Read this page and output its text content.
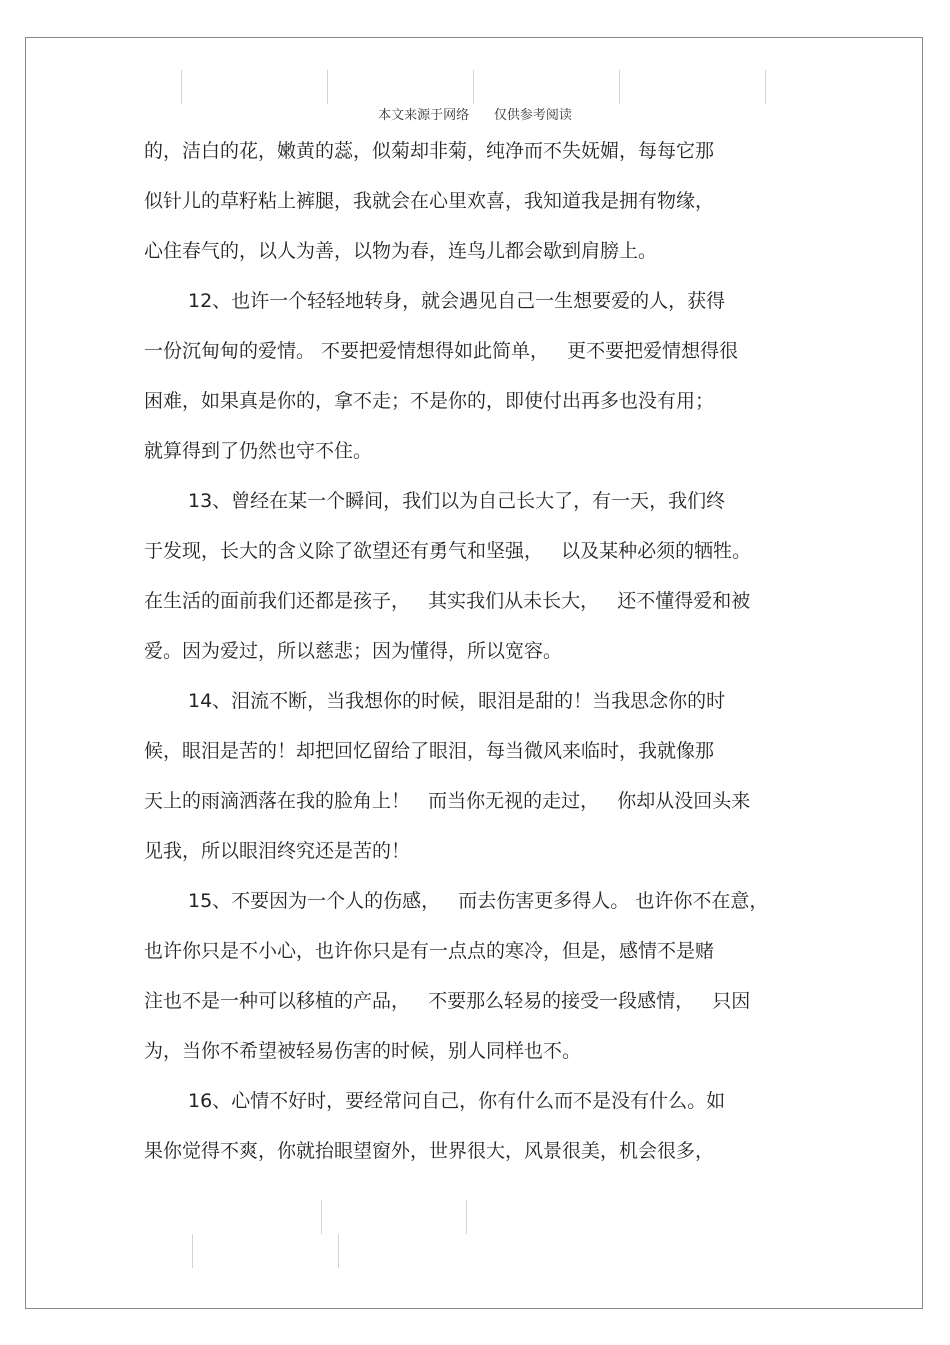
本文来源于网络      仅供参考阅读
的，洁白的花，嫩黄的蕊，似菊却非菊，纯净而不失妩媚，每每它那
似针儿的草籽粘上裤腿，我就会在心里欢喜，我知道我是拥有物缘，
心住春气的，以人为善，以物为春，连鸟儿都会歇到肩膀上。
12、也许一个轻轻地转身，就会遇见自己一生想要爱的人，获得
一份沉甸甸的爱情。 不要把爱情想得如此简单，   更不要把爱情想得很
困难，如果真是你的，拿不走；不是你的，即使付出再多也没有用；
就算得到了仍然也守不住。
13、曾经在某一个瞬间，我们以为自己长大了，有一天，我们终
于发现，长大的含义除了欲望还有勇气和坚强，   以及某种必须的牺牲。
在生活的面前我们还都是孩子，   其实我们从未长大，   还不懂得爱和被
爱。因为爱过，所以慈悲；因为懂得，所以宽容。
14、泪流不断，当我想你的时候，眼泪是甜的！当我思念你的时
候，眼泪是苦的！却把回忆留给了眼泪，每当微风来临时，我就像那
天上的雨滴洒落在我的脸角上！   而当你无视的走过，   你却从没回头来
见我，所以眼泪终究还是苦的！
15、不要因为一个人的伤感，   而去伤害更多得人。 也许你不在意，
也许你只是不小心，也许你只是有一点点的寒冷，但是，感情不是赌
注也不是一种可以移植的产品，   不要那么轻易的接受一段感情，   只因
为，当你不希望被轻易伤害的时候，别人同样也不。
16、心情不好时，要经常问自己，你有什么而不是没有什么。如
果你觉得不爽，你就抬眼望窗外，世界很大，风景很美，机会很多，
